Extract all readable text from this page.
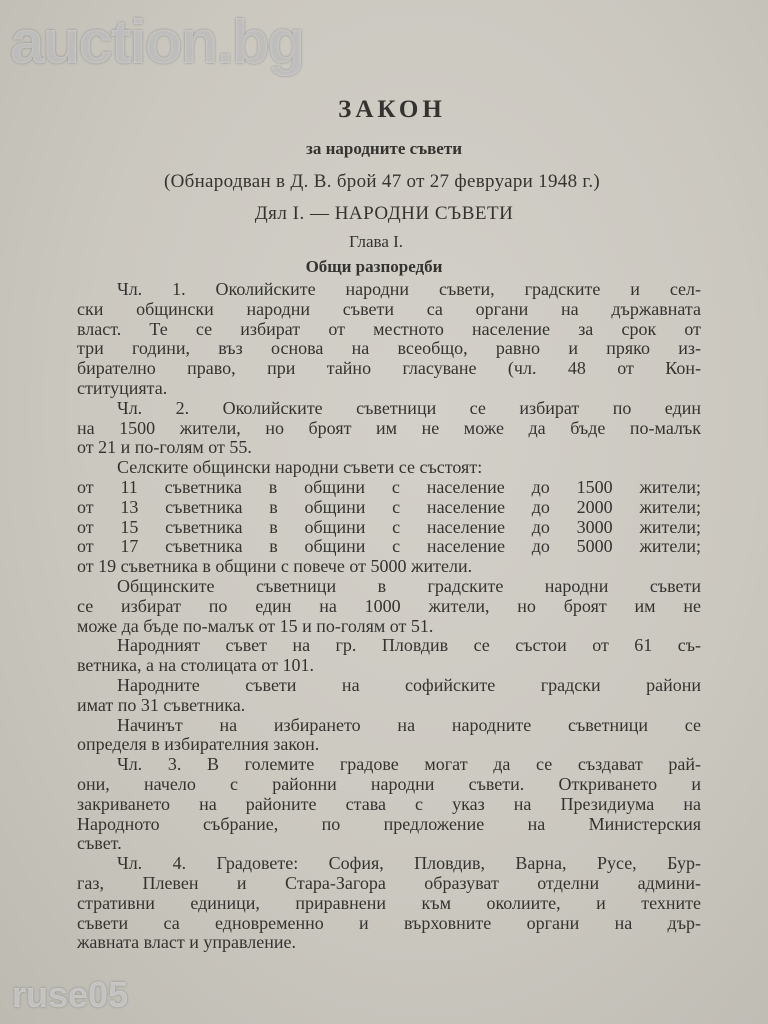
auction.bg
ЗАКОН
за народните съвети
(Обнародван в Д. В. брой 47 от 27 февруари 1948 г.)
Дял I. — НАРОДНИ СЪВЕТИ
Глава I.
Общи разпоредби
Чл. 1. Околийските народни съвети, градските и сел-
ски общински народни съвети са органи на държавната
власт. Те се избират от местното население за срок от
три години, въз основа на всеобщо, равно и пряко из-
бирателно право, при тайно гласуване (чл. 48 от Кон-
ституцията.
Чл. 2. Околийските съветници се избират по един
на 1500 жители, но броят им не може да бъде по-малък
от 21 и по-голям от 55.
Селските общински народни съвети се състоят:
от 11 съветника в общини с население до 1500 жители;
от 13 съветника в общини с население до 2000 жители;
от 15 съветника в общини с население до 3000 жители;
от 17 съветника в общини с население до 5000 жители;
от 19 съветника в общини с повече от 5000 жители.
Общинските съветници в градските народни съвети
се избират по един на 1000 жители, но броят им не
може да бъде по-малък от 15 и по-голям от 51.
Народният съвет на гр. Пловдив се състои от 61 съ-
ветника, а на столицата от 101.
Народните съвети на софийските градски райони
имат по 31 съветника.
Начинът на избирането на народните съветници се
определя в избирателния закон.
Чл. 3. В големите градове могат да се създават рай-
они, начело с районни народни съвети. Откриването и
закриването на районите става с указ на Президиума на
Народното събрание, по предложение на Министерския
съвет.
Чл. 4. Градовете: София, Пловдив, Варна, Русе, Бур-
газ, Плевен и Стара-Загора образуват отделни админи-
стративни единици, приравнени към околиите, и техните
съвети са едновременно и върховните органи на дър-
жавната власт и управление.
ruse05
